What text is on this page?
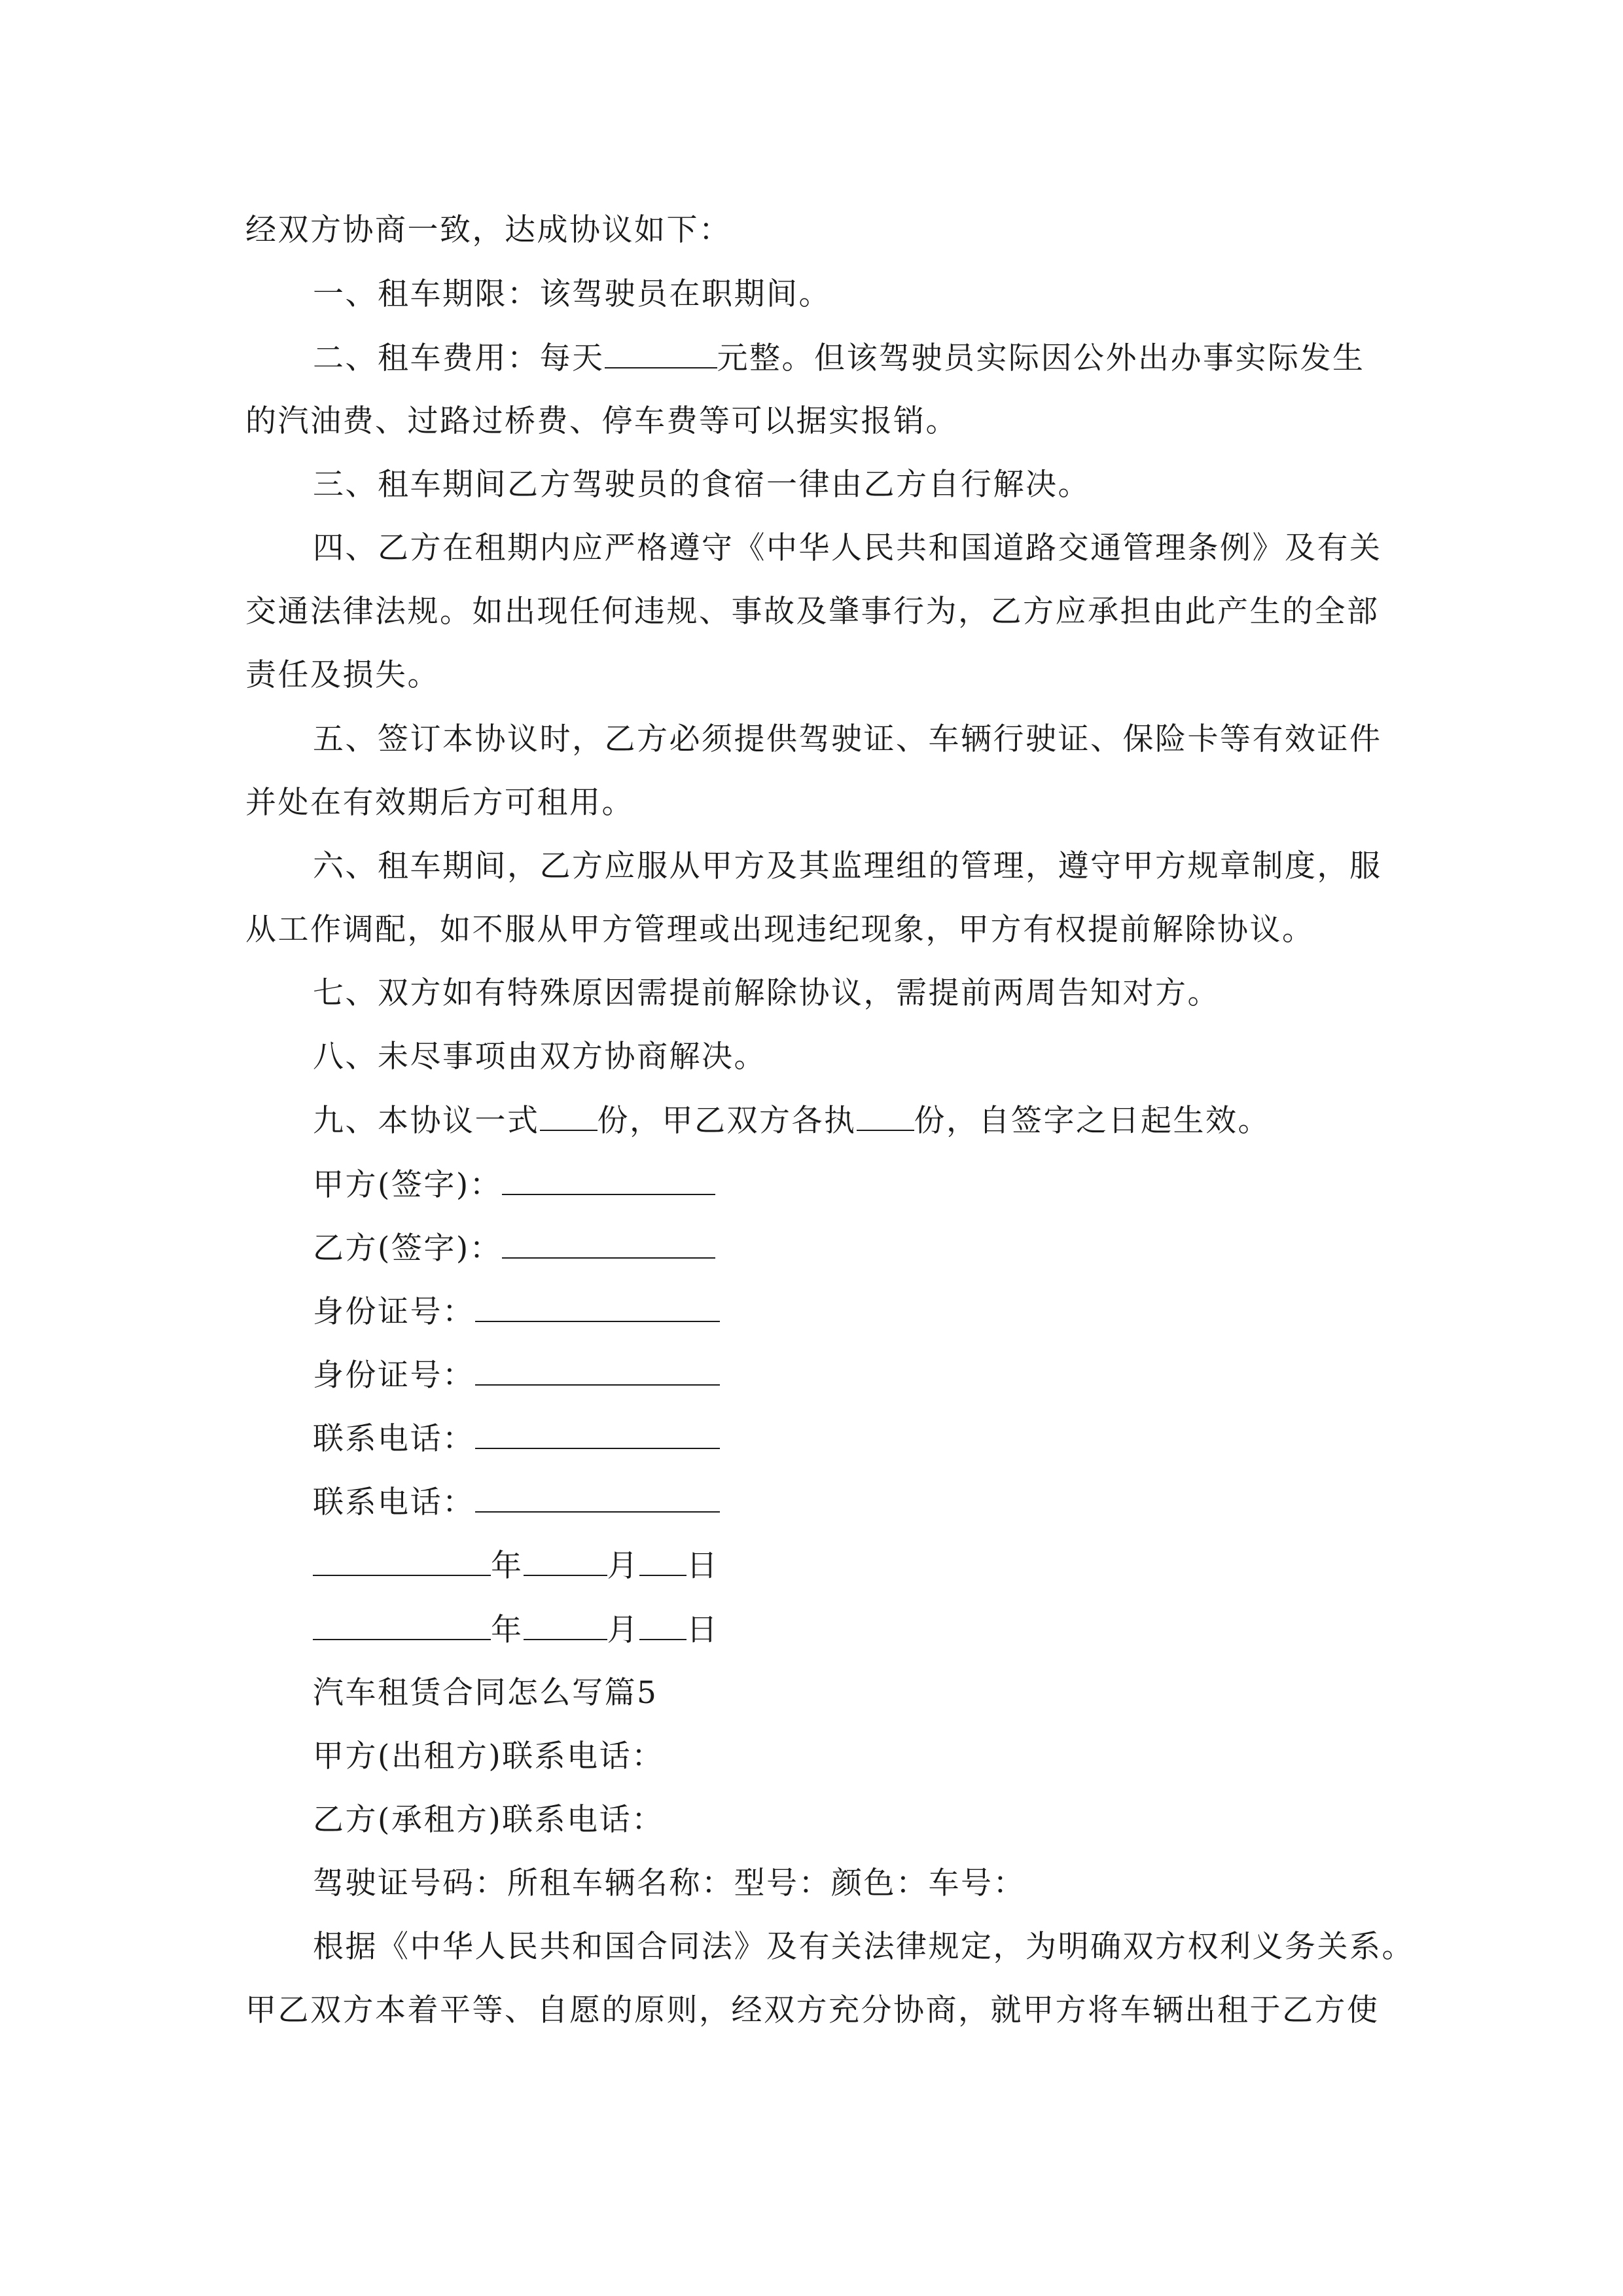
经双方协商一致，达成协议如下：
一、租车期限：该驾驶员在职期间。
二、租车费用：每天	元整。但该驾驶员实际因公外出办事实际发生
的汽油费、过路过桥费、停车费等可以据实报销。
三、租车期间乙方驾驶员的食宿一律由乙方自行解决。
四、乙方在租期内应严格遵守《中华人民共和国道路交通管理条例》及有关
交通法律法规。如出现任何违规、事故及肇事行为，乙方应承担由此产生的全部
责任及损失。
五、签订本协议时，乙方必须提供驾驶证、车辆行驶证、保险卡等有效证件
并处在有效期后方可租用。
六、租车期间，乙方应服从甲方及其监理组的管理，遵守甲方规章制度，服
从工作调配，如不服从甲方管理或出现违纪现象，甲方有权提前解除协议。
七、双方如有特殊原因需提前解除协议，需提前两周告知对方。
八、未尽事项由双方协商解决。
九、本协议一式 份，甲乙双方各执 份，自签字之日起生效。
甲方(签字)：
乙方(签字)：
身份证号：
身份证号：
联系电话：
联系电话：
年	月 日
年	月 日
汽车租赁合同怎么写篇5
甲方(出租方)联系电话：
乙方(承租方)联系电话：
驾驶证号码：所租车辆名称：型号：颜色：车号：
根据《中华人民共和国合同法》及有关法律规定，为明确双方权利义务关系。
甲乙双方本着平等、自愿的原则，经双方充分协商，就甲方将车辆出租于乙方使
